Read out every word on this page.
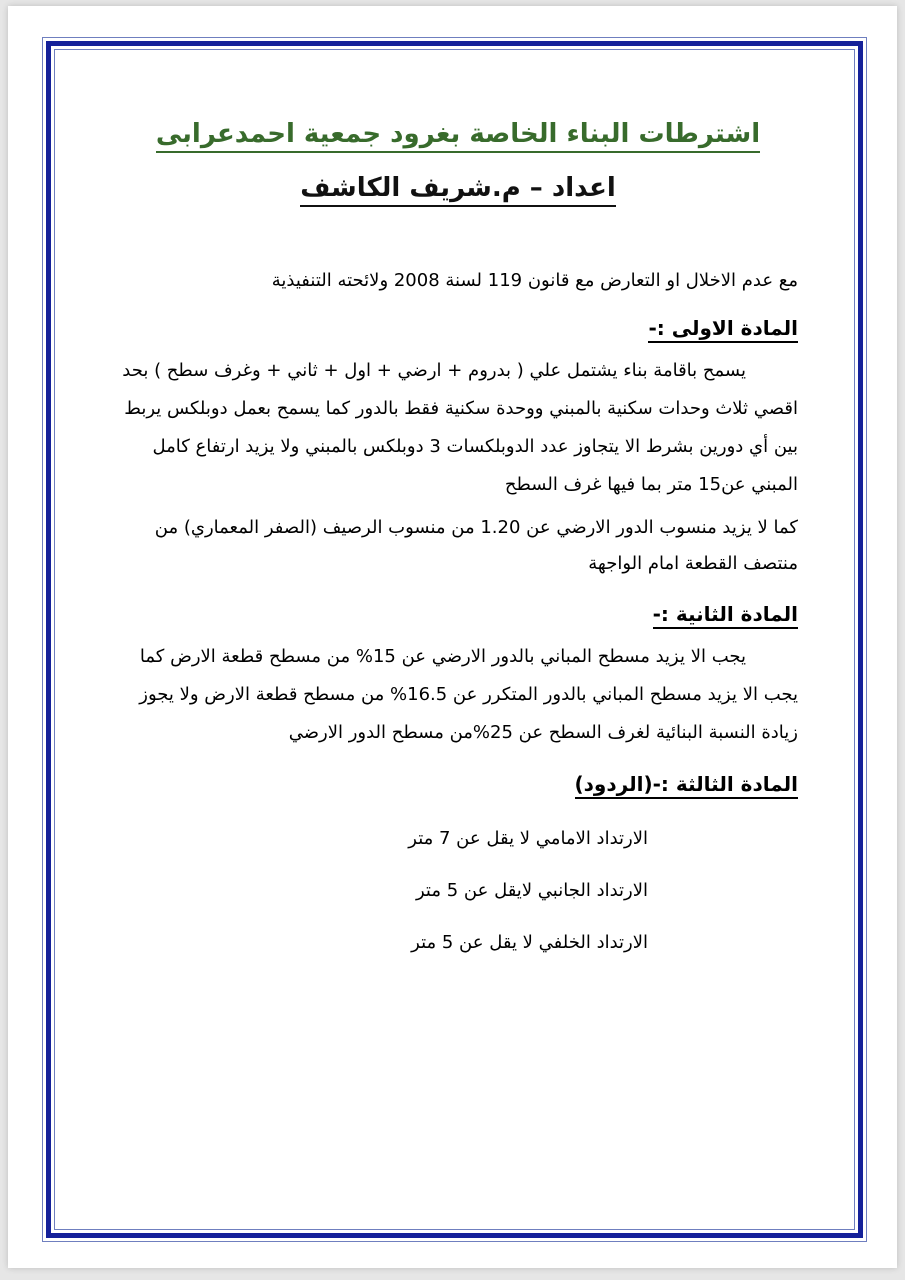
اشترطات البناء الخاصة بغرود جمعية احمدعرابى
اعداد – م.شريف الكاشف
مع عدم الاخلال او التعارض مع قانون 119 لسنة 2008 ولائحته التنفيذية
المادة الاولى :-
يسمح باقامة بناء يشتمل علي ( بدروم + ارضي + اول + ثاني + وغرف سطح ) بحد اقصي ثلاث وحدات سكنية بالمبني ووحدة سكنية فقط بالدور كما يسمح بعمل دوبلكس يربط بين أي دورين بشرط الا يتجاوز عدد الدوبلكسات 3 دوبلكس بالمبني ولا يزيد ارتفاع كامل المبني عن15 متر بما فيها غرف السطح
كما لا يزيد منسوب الدور الارضي عن 1.20 من منسوب الرصيف (الصفر المعماري) من منتصف القطعة امام الواجهة
المادة الثانية :-
يجب الا يزيد مسطح المباني بالدور الارضي عن 15% من مسطح قطعة الارض كما يجب الا يزيد مسطح المباني بالدور المتكرر عن 16.5% من مسطح قطعة الارض ولا يجوز زيادة النسبة البنائية لغرف السطح عن 25%من مسطح الدور الارضي
المادة الثالثة :-(الردود)
الارتداد الامامي لا يقل عن 7 متر
الارتداد الجانبي لايقل عن 5 متر
الارتداد الخلفي لا يقل عن 5 متر
